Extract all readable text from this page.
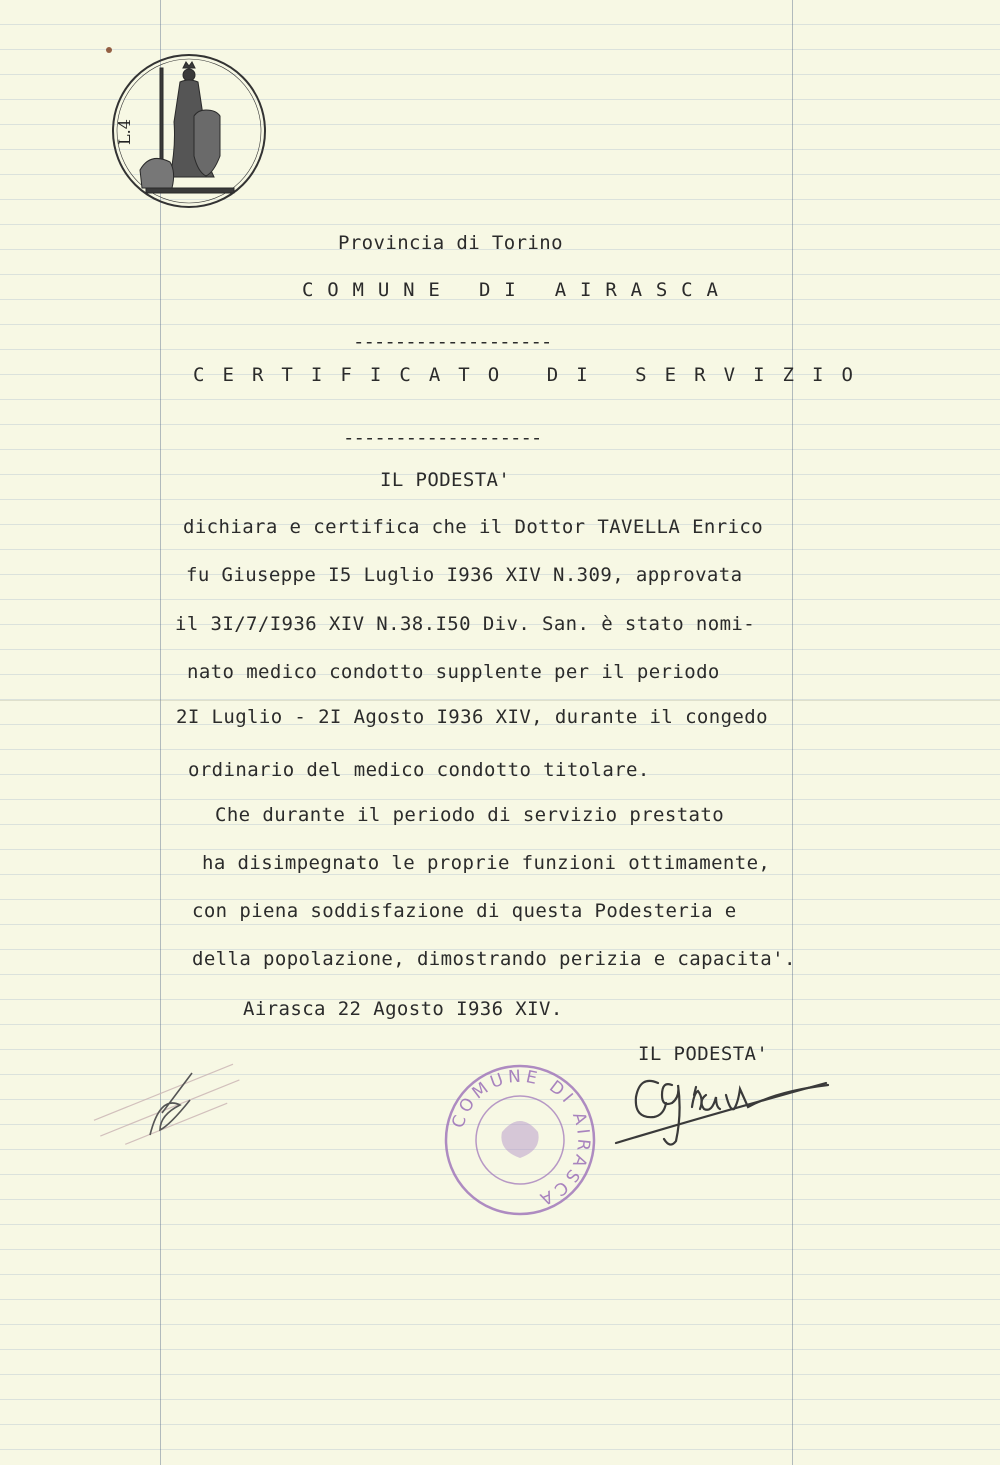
L.4
Provincia di Torino
C O M U N E   D I   A I R A S C A
-------------------
C E R T I F I C A T O   D I   S E R V I Z I O
-------------------
IL PODESTA'
dichiara e certifica che il Dottor TAVELLA Enrico
fu Giuseppe I5 Luglio I936 XIV N.309, approvata
il 3I/7/I936 XIV N.38.I50 Div. San. è stato nomi-
nato medico condotto supplente per il periodo
2I Luglio - 2I Agosto I936 XIV, durante il congedo
ordinario del medico condotto titolare.
Che durante il periodo di servizio prestato
ha disimpegnato le proprie funzioni ottimamente,
con piena soddisfazione di questa Podesteria e
della popolazione, dimostrando perizia e capacita'.
Airasca 22 Agosto I936 XIV.
IL PODESTA'
COMUNE DI AIRASCA
Giau
